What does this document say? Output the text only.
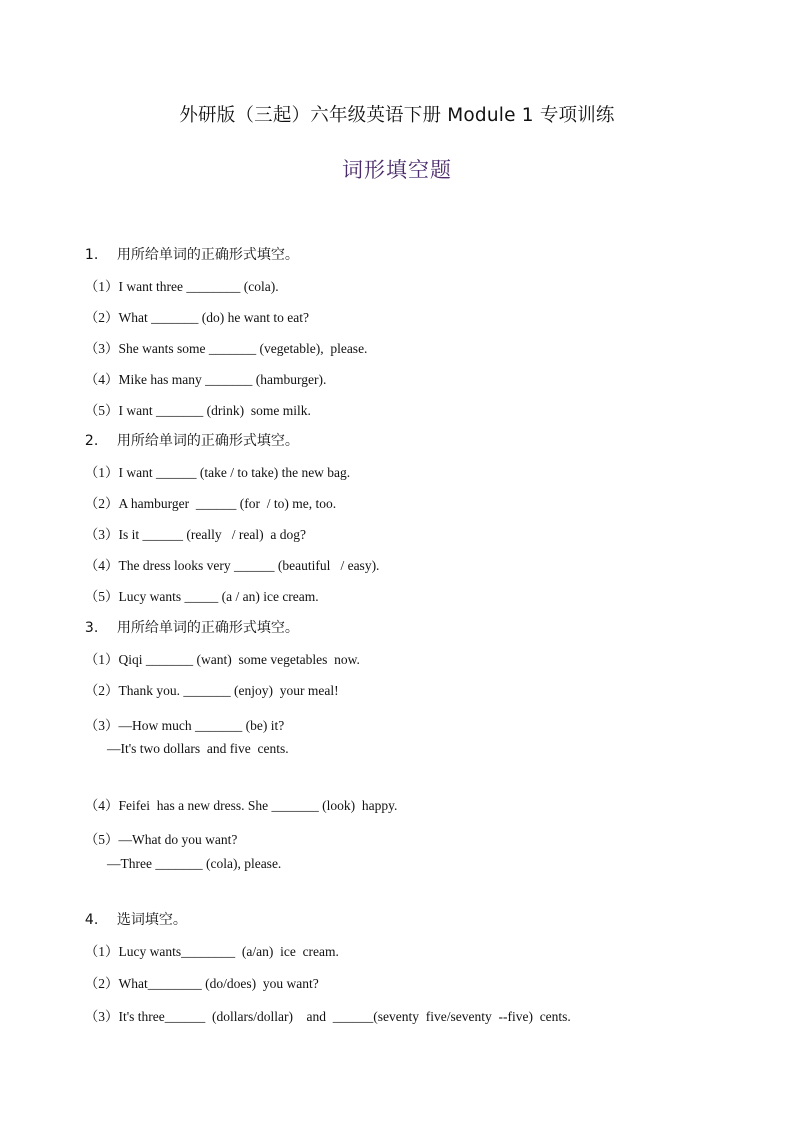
外研版（三起）六年级英语下册 Module 1 专项训练
词形填空题

1. 用所给单词的正确形式填空。

（1）I want three ________ (cola).

（2）What _______ (do) he want to eat?

（3）She wants some _______ (vegetable),  please.

（4）Mike has many _______ (hamburger).

（5）I want _______ (drink)  some milk.

2. 用所给单词的正确形式填空。

（1）I want ______ (take / to take) the new bag.

（2）A hamburger  ______ (for  / to) me, too.

（3）Is it ______ (really   / real)  a dog?

（4）The dress looks very ______ (beautiful   / easy).

（5）Lucy wants _____ (a / an) ice cream.

3. 用所给单词的正确形式填空。

（1）Qiqi _______ (want)  some vegetables  now.

（2）Thank you. _______ (enjoy)  your meal!

（3）—How much _______ (be) it?

—It's two dollars  and five  cents.

（4）Feifei  has a new dress. She _______ (look)  happy.

（5）—What do you want?

—Three _______ (cola), please.

4. 选词填空。

（1）Lucy wants________  (a/an)  ice  cream.

（2）What________ (do/does)  you want?

（3）It's three______  (dollars/dollar)    and  ______(seventy  five/seventy  --five)  cents.
